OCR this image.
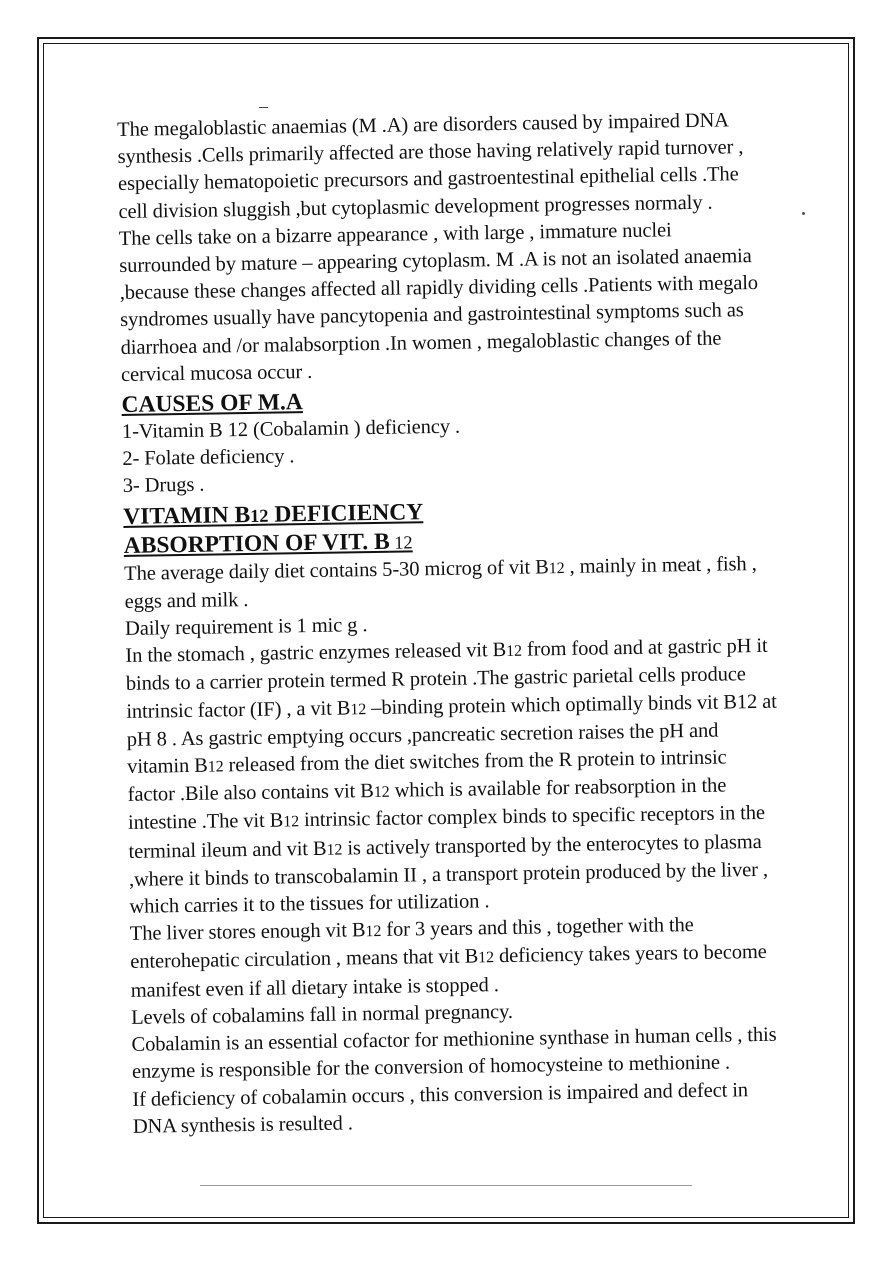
The megaloblastic anaemias (M .A) are disorders caused by impaired DNA
synthesis .Cells primarily affected are those having relatively rapid turnover ,
especially hematopoietic precursors and gastroentestinal epithelial cells .The
cell division sluggish ,but cytoplasmic development progresses normaly .
The cells take on a bizarre appearance , with large , immature nuclei
surrounded by mature – appearing cytoplasm. M .A is not an isolated anaemia
,because these changes affected all rapidly dividing cells .Patients with megalo
syndromes usually have pancytopenia and gastrointestinal symptoms such as
diarrhoea and /or malabsorption .In women , megaloblastic changes of the
cervical mucosa occur .
CAUSES OF M.A
1-Vitamin B 12 (Cobalamin ) deficiency .
2- Folate deficiency .
3- Drugs .
VITAMIN B12 DEFICIENCY
ABSORPTION OF VIT. B 12
The average daily diet contains 5-30 microg of vit B12 , mainly in meat , fish ,
eggs and milk .
Daily requirement is 1 mic g .
In the stomach , gastric enzymes released vit B12 from food and at gastric pH it
binds to a carrier protein termed R protein .The gastric parietal cells produce
intrinsic factor (IF) , a vit B12 –binding protein which optimally binds vit B12 at
pH 8 . As gastric emptying occurs ,pancreatic secretion raises the pH and
vitamin B12 released from the diet switches from the R protein to intrinsic
factor .Bile also contains vit B12 which is available for reabsorption in the
intestine .The vit B12 intrinsic factor complex binds to specific receptors in the
terminal ileum and vit B12 is actively transported by the enterocytes to plasma
,where it binds to transcobalamin II , a transport protein produced by the liver ,
which carries it to the tissues for utilization .
The liver stores enough vit B12 for 3 years and this , together with the
enterohepatic circulation , means that vit B12 deficiency takes years to become
manifest even if all dietary intake is stopped .
Levels of cobalamins fall in normal pregnancy.
Cobalamin is an essential cofactor for methionine synthase in human cells , this
enzyme is responsible for the conversion of homocysteine to methionine .
If deficiency of cobalamin occurs , this conversion is impaired and defect in
DNA synthesis is resulted .
